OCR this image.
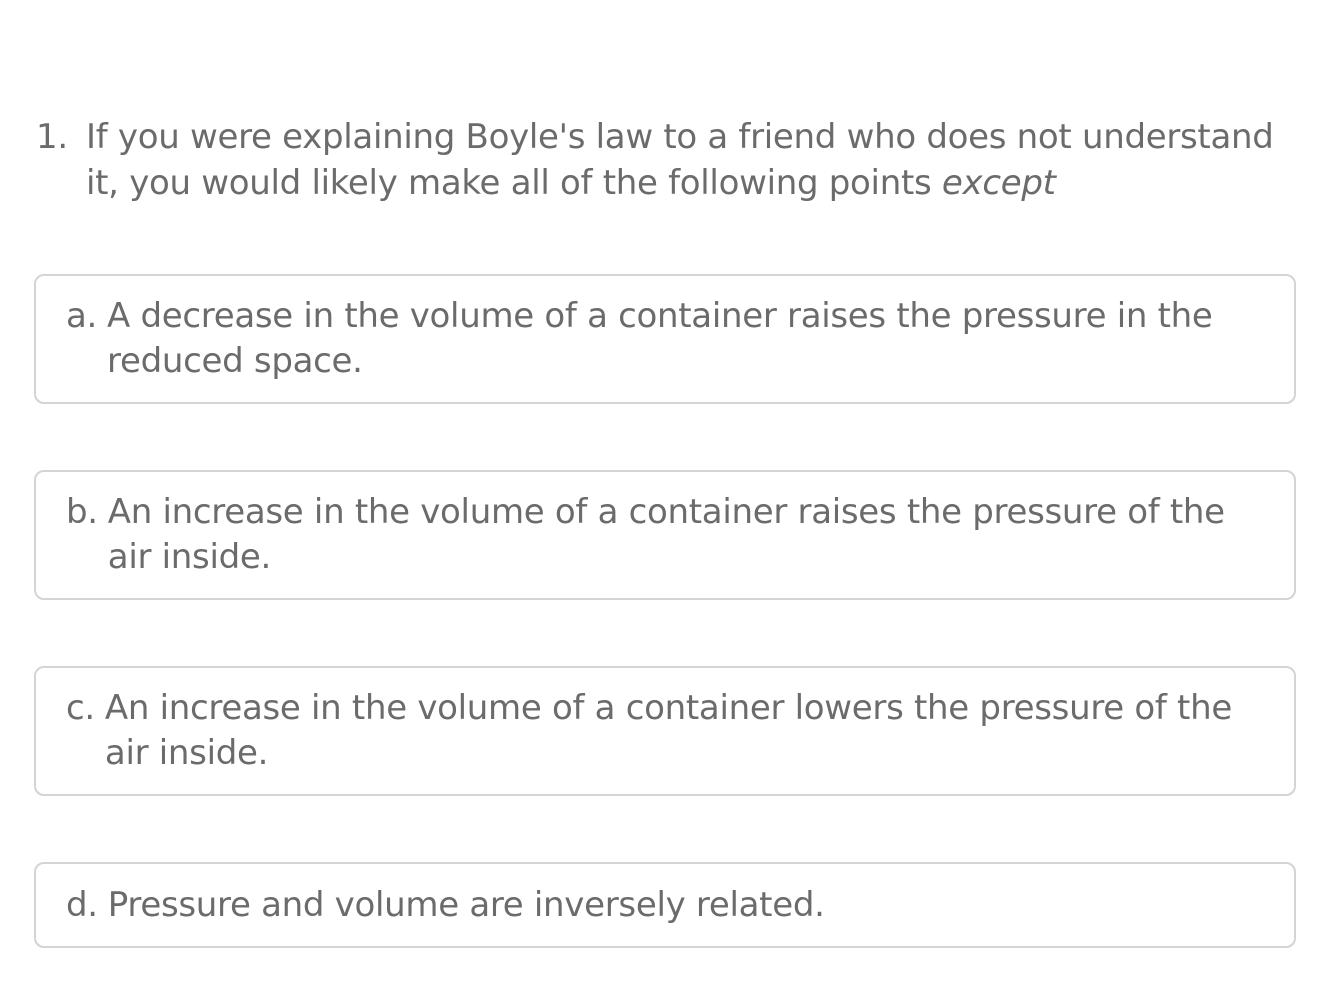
1. If you were explaining Boyle's law to a friend who does not understand it, you would likely make all of the following points except
a. A decrease in the volume of a container raises the pressure in the reduced space.
b. An increase in the volume of a container raises the pressure of the air inside.
c. An increase in the volume of a container lowers the pressure of the air inside.
d. Pressure and volume are inversely related.
